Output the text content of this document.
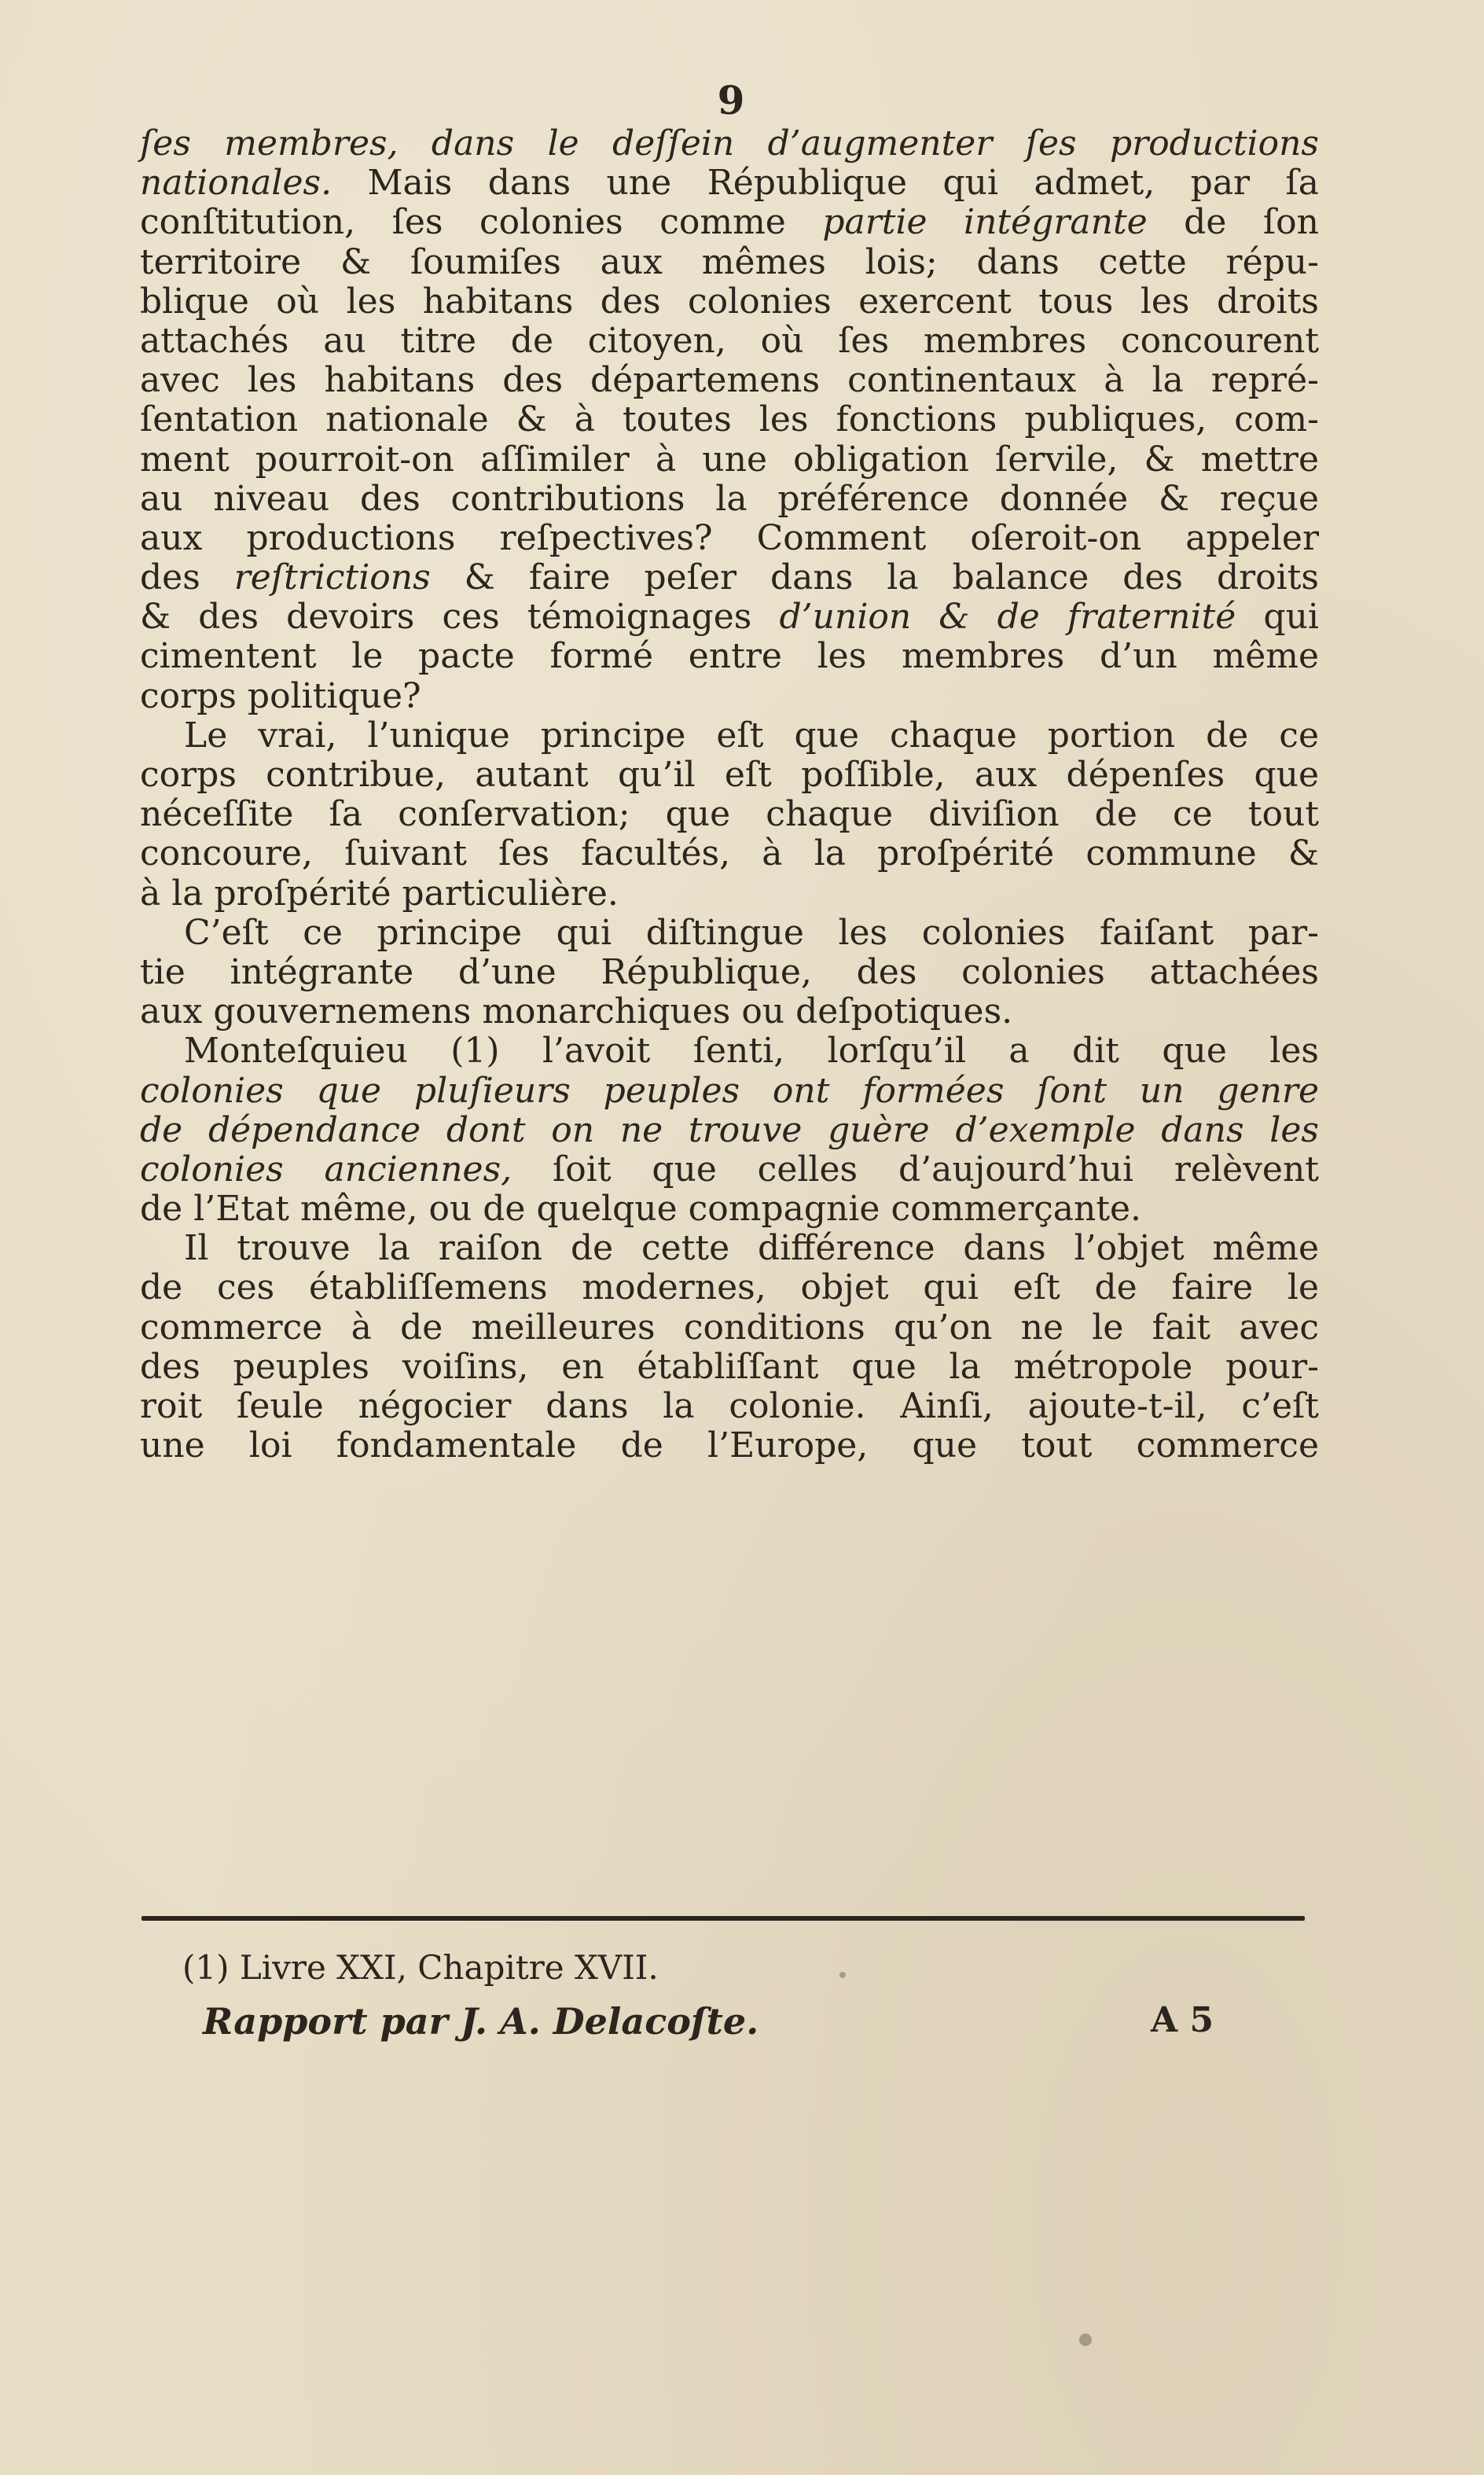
9
ſes membres, dans le deſſein d’augmenter ſes productions
nationales. Mais dans une République qui admet, par ſa
conſtitution, ſes colonies comme partie intégrante de ſon
territoire & ſoumiſes aux mêmes lois; dans cette répu-
blique où les habitans des colonies exercent tous les droits
attachés au titre de citoyen, où ſes membres concourent
avec les habitans des départemens continentaux à la repré-
ſentation nationale & à toutes les fonctions publiques, com-
ment pourroit-on aſſimiler à une obligation ſervile, & mettre
au niveau des contributions la préférence donnée & reçue
aux productions reſpectives? Comment oſeroit-on appeler
des reſtrictions & faire peſer dans la balance des droits
& des devoirs ces témoignages d’union & de fraternité qui
cimentent le pacte formé entre les membres d’un même
corps politique?
Le vrai, l’unique principe eſt que chaque portion de ce
corps contribue, autant qu’il eſt poſſible, aux dépenſes que
néceſſite ſa conſervation; que chaque diviſion de ce tout
concoure, ſuivant ſes facultés, à la proſpérité commune &
à la proſpérité particulière.
C’eſt ce principe qui diſtingue les colonies faiſant par-
tie intégrante d’une République, des colonies attachées
aux gouvernemens monarchiques ou deſpotiques.
Monteſquieu (1) l’avoit ſenti, lorſqu’il a dit que les
colonies que pluſieurs peuples ont formées ſont un genre
de dépendance dont on ne trouve guère d’exemple dans les
colonies anciennes, ſoit que celles d’aujourd’hui relèvent
de l’Etat même, ou de quelque compagnie commerçante.
Il trouve la raiſon de cette différence dans l’objet même
de ces établiſſemens modernes, objet qui eſt de faire le
commerce à de meilleures conditions qu’on ne le fait avec
des peuples voiſins, en établiſſant que la métropole pour-
roit ſeule négocier dans la colonie. Ainſi, ajoute-t-il, c’eſt
une loi fondamentale de l’Europe, que tout commerce
(1) Livre XXI, Chapitre XVII.
Rapport par J. A. Delacoſte.	A 5
